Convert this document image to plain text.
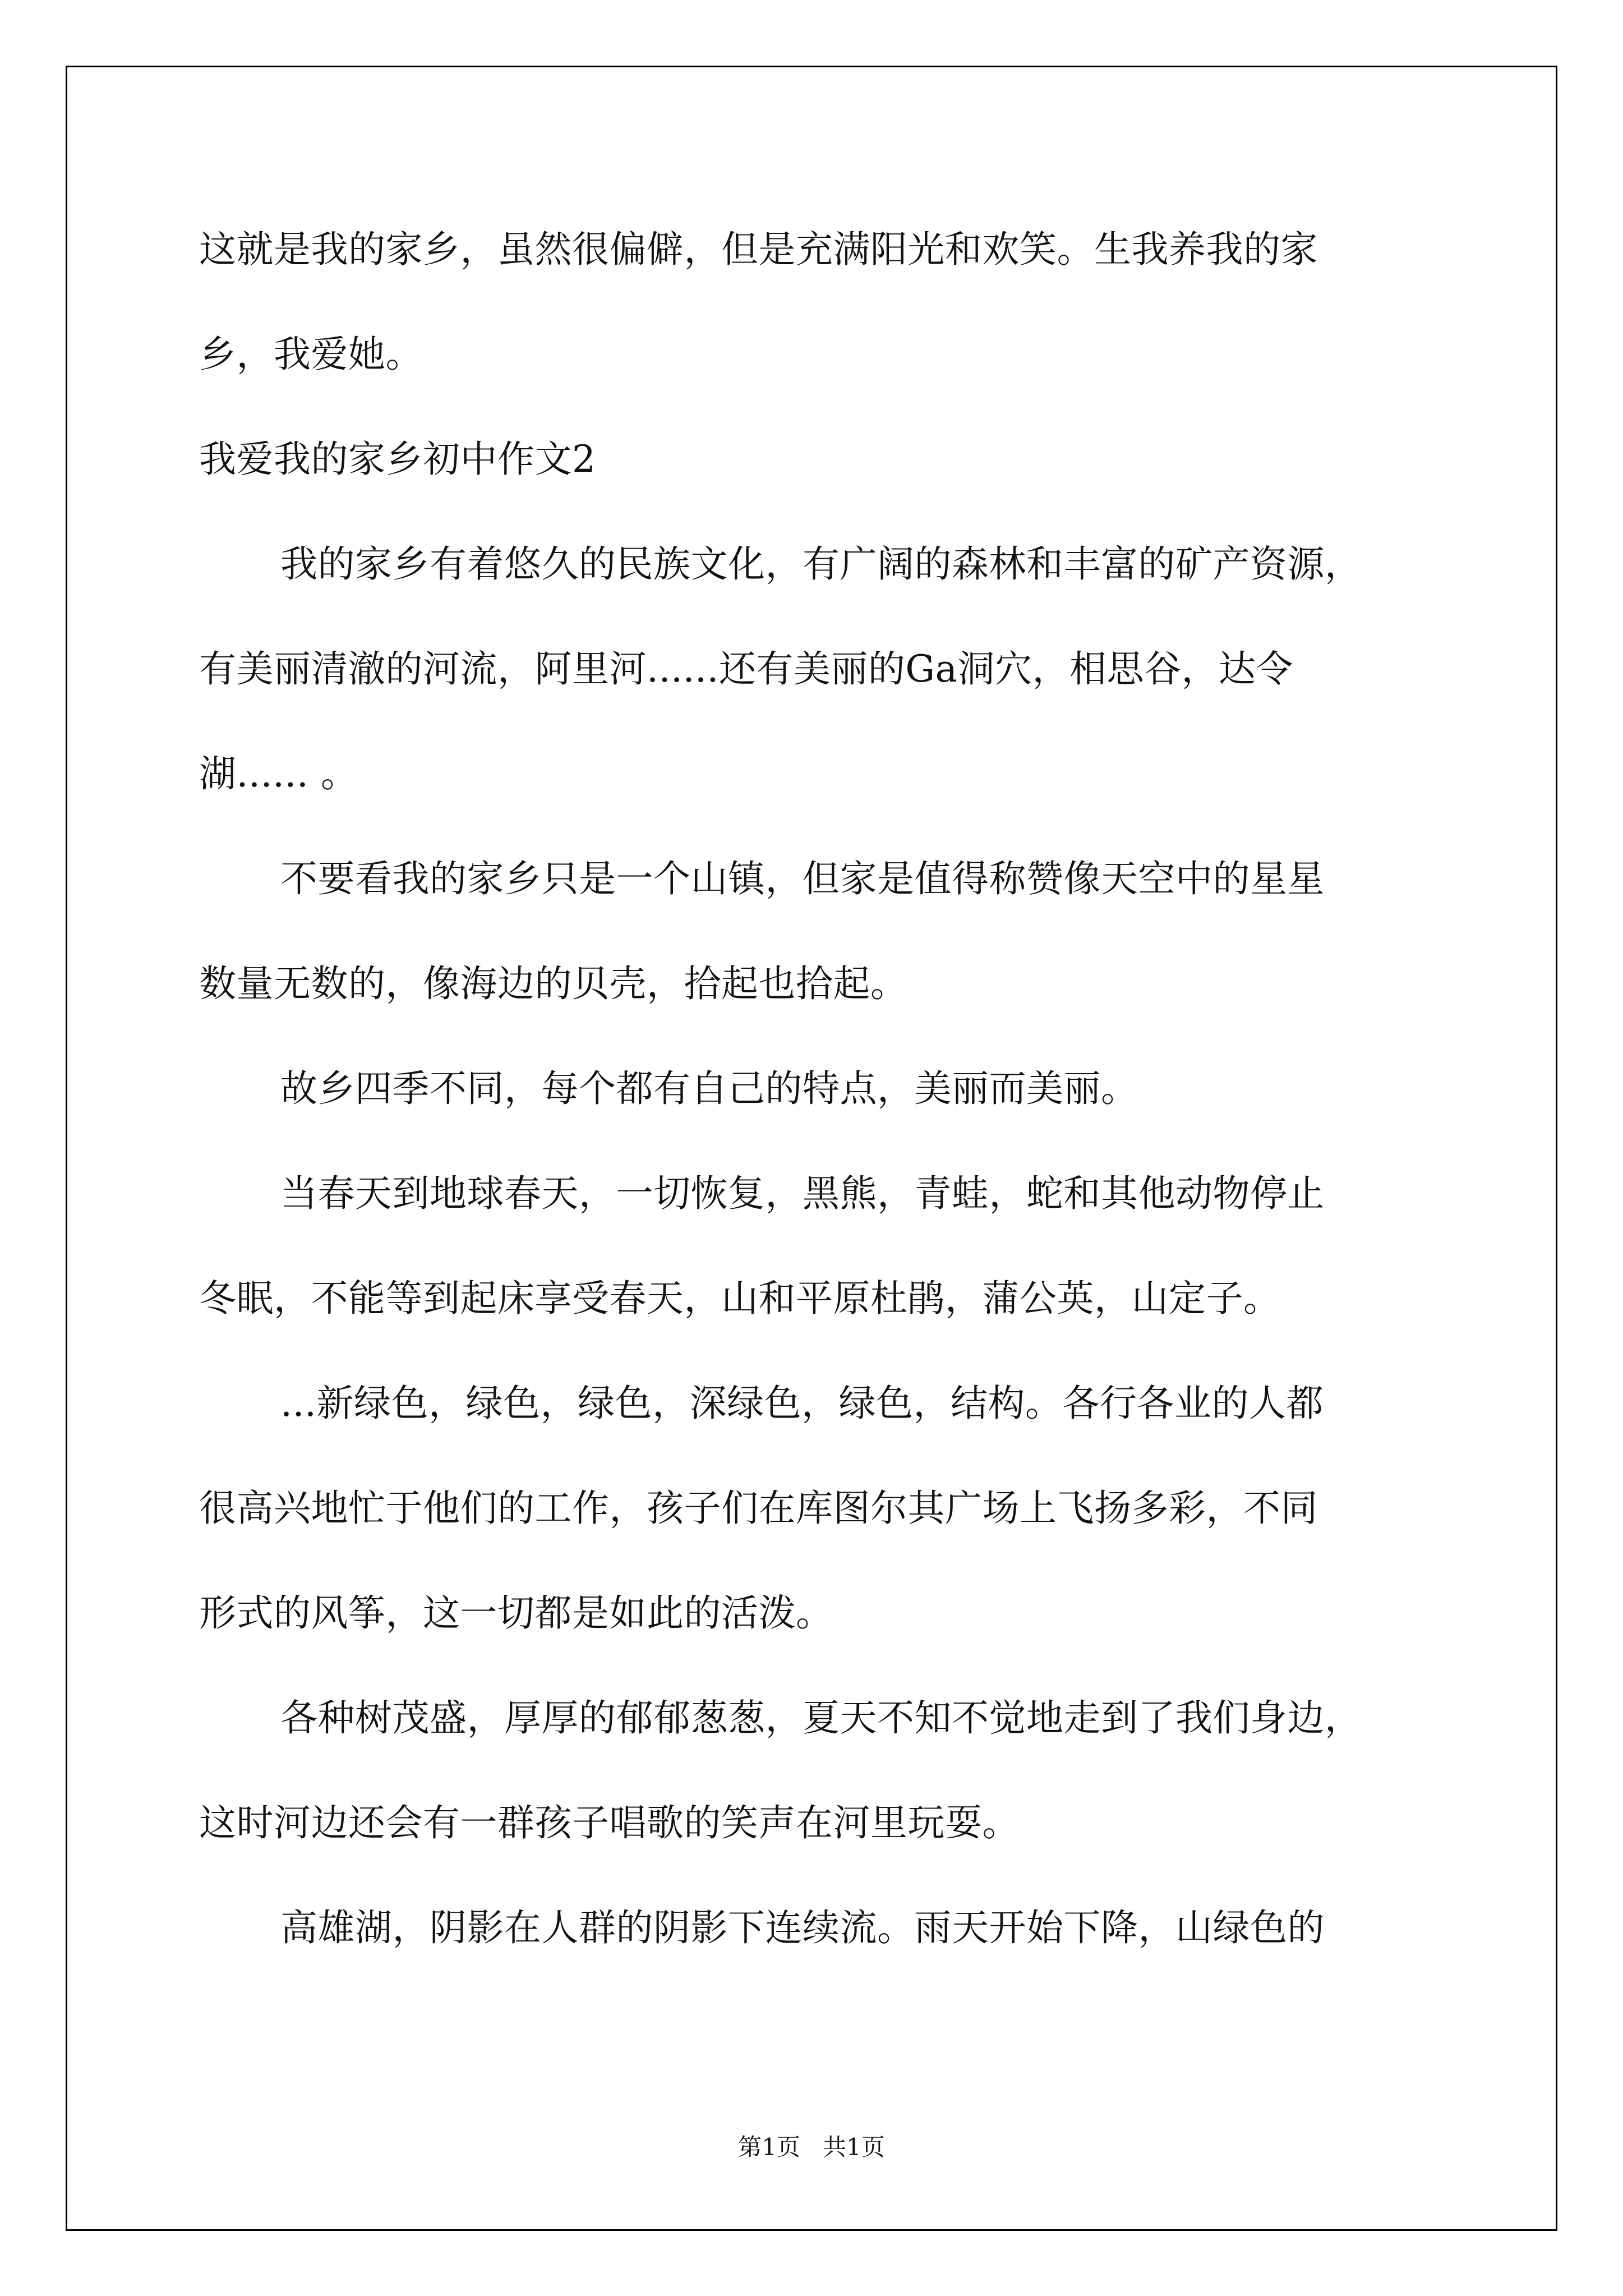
这就是我的家乡，虽然很偏僻，但是充满阳光和欢笑。生我养我的家
乡，我爱她。
我爱我的家乡初中作文2
我的家乡有着悠久的民族文化，有广阔的森林和丰富的矿产资源，
有美丽清澈的河流，阿里河......还有美丽的Ga洞穴，相思谷，达令
湖...... 。
不要看我的家乡只是一个山镇，但家是值得称赞像天空中的星星
数量无数的，像海边的贝壳，拾起也拾起。
故乡四季不同，每个都有自己的特点，美丽而美丽。
当春天到地球春天，一切恢复，黑熊，青蛙，蛇和其他动物停止
冬眠，不能等到起床享受春天，山和平原杜鹃，蒲公英，山定子。
...新绿色，绿色，绿色，深绿色，绿色，结构。各行各业的人都
很高兴地忙于他们的工作，孩子们在库图尔其广场上飞扬多彩，不同
形式的风筝，这一切都是如此的活泼。
各种树茂盛，厚厚的郁郁葱葱，夏天不知不觉地走到了我们身边，
这时河边还会有一群孩子唱歌的笑声在河里玩耍。
高雄湖，阴影在人群的阴影下连续流。雨天开始下降，山绿色的
第1页   共1页
